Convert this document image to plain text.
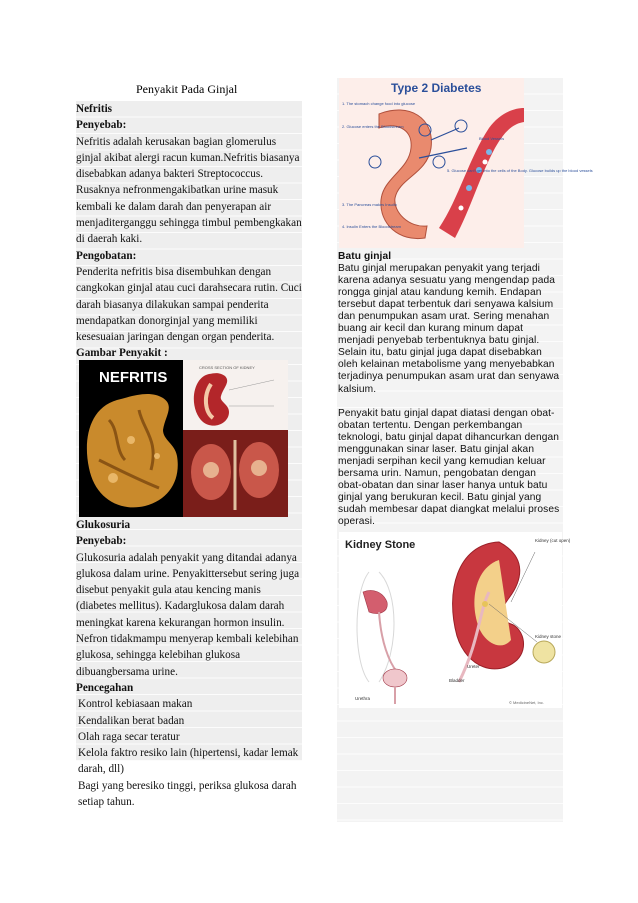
Penyakit Pada Ginjal

Nefritis

Penyebab:

Nefritis adalah kerusakan bagian glomerulus ginjal akibat alergi racun kuman.Nefritis biasanya disebabkan adanya bakteri Streptococcus. Rusaknya nefronmengakibatkan urine masuk kembali ke dalam darah dan penyerapan air menjaditerganggu sehingga timbul pembengkakan di daerah kaki.

Pengobatan:

Penderita nefritis bisa disembuhkan dengan cangkokan ginjal atau cuci darahsecara rutin. Cuci darah biasanya dilakukan sampai penderita mendapatkan donorginjal yang memiliki kesesuaian jaringan dengan organ penderita.

Gambar Penyakit :

NEFRITIS
CROSS SECTION OF KIDNEY

Glukosuria

Penyebab:

Glukosuria adalah penyakit yang ditandai adanya glukosa dalam urine. Penyakittersebut sering juga disebut penyakit gula atau kencing manis (diabetes mellitus). Kadarglukosa dalam darah meningkat karena kekurangan hormon insulin. Nefron tidakmampu menyerap kembali kelebihan glukosa, sehingga kelebihan glukosa dibuangbersama urine.

Pencegahan

Kontrol kebiasaan makan

Kendalikan berat badan

Olah raga secar teratur

Kelola faktro resiko lain (hipertensi, kadar lemak darah, dll)

Bagi yang beresiko tinggi, periksa glukosa darah setiap tahun.

Type 2 Diabetes
1. The stomach change food into glucose
2. Glucose enters the Bloodstream
3. The Pancreas makes Insulin
4. Insulin Enters the Bloodstream
5. Glucose can't get into the cells of the Body. Glucose builds up the blood vessels
Blood Vessels

Batu ginjal

Batu ginjal merupakan penyakit yang terjadi karena adanya sesuatu yang mengendap pada rongga ginjal atau kandung kemih. Endapan tersebut dapat terbentuk dari senyawa kalsium dan penumpukan asam urat. Sering menahan buang air kecil dan kurang minum dapat menjadi penyebab terbentuknya batu ginjal. Selain itu, batu ginjal juga dapat disebabkan oleh kelainan metabolisme yang menyebabkan terjadinya penumpukan asam urat dan senyawa kalsium.

Penyakit batu ginjal dapat diatasi dengan obat-obatan tertentu. Dengan perkembangan teknologi, batu ginjal dapat dihancurkan dengan menggunakan sinar laser. Batu ginjal akan menjadi serpihan kecil yang kemudian keluar bersama urin. Namun, pengobatan dengan obat-obatan dan sinar laser hanya untuk batu ginjal yang berukuran kecil. Batu ginjal yang sudah membesar dapat diangkat melalui proses operasi.

Kidney Stone	Kidney (cut open)
Kidney stone
Ureter
Bladder
Urethra
© MedicineNet, Inc.
